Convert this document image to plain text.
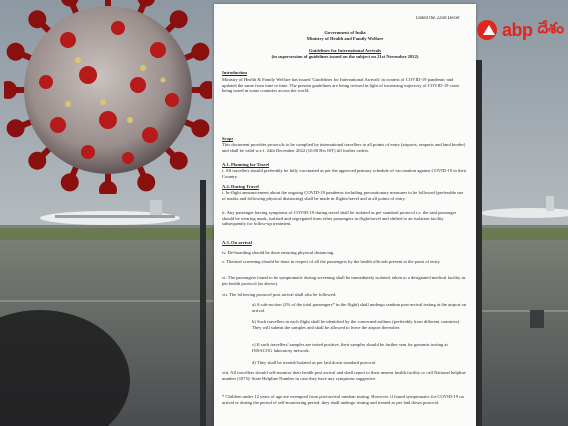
Dated the 22nd Decer
Government of India
Ministry of Health and Family Welfare
Guidelines for International Arrivals
(in supersession of guidelines issued on the subject on 21st November 2022)
Introduction
Ministry of Health & Family Welfare has issued 'Guidelines for International Arrivals' in context of COVID-19 pandemic and updated the same from time to time. The present guidelines are being revised in light of increasing trajectory of COVID-19 cases being noted in some countries across the world.
Scope
This document provides protocols to be complied by international travellers to all points of entry (airports, seaports and land border) and shall be valid w.e.f. 24th December 2022 (10.00 Hrs IST) till further orders.
A.1. Planning for Travel
i. All travellers should preferably be fully vaccinated as per the approved primary schedule of vaccination against COVID-19 in their Country.
A.2. During Travel
i. In-flight announcement about the ongoing COVID-19 pandemic including precautionary measures to be followed (preferable use of masks and following physical distancing) shall be made in flights/travel and at all points of entry.
ii. Any passenger having symptoms of COVID-19 during travel shall be isolated as per standard protocol i.e. the said passenger should be wearing mask, isolated and segregated from other passengers in flight/travel and shifted to an isolation facility subsequently for follow-up treatment.
A.3. On arrival
iv. De-boarding should be done ensuring physical distancing.
v. Thermal screening should be done in respect of all the passengers by the health officials present at the point of entry.
vi. The passengers found to be symptomatic during screening shall be immediately isolated, taken to a designated medical facility as per health protocol (as above).
vii. The following protocol post arrival shall also be followed:
a) A sub-section (2% of the total passengers* in the flight) shall undergo random post-arrival testing at the airport on arrival.
b) Such travellers in each flight shall be identified by the concerned airlines (preferably from different countries). They will submit the samples and shall be allowed to leave the airport thereafter.
c) If such travellers' samples are tested positive, their samples should be further sent for genomic testing at INSACOG laboratory network.
d) They shall be treated/isolated as per laid down standard protocol.
viii. All travellers should self-monitor their health post arrival and shall report to their nearest health facility or call National helpline number (1075)/ State Helpline Number in case they have any symptoms suggestive.
* Children under 12 years of age are exempted from post-arrival random testing. However, if found symptomatic for COVID-19 on arrival or during the period of self-monitoring period, they shall undergo testing and treated as per laid down protocol.
abp దేశం
